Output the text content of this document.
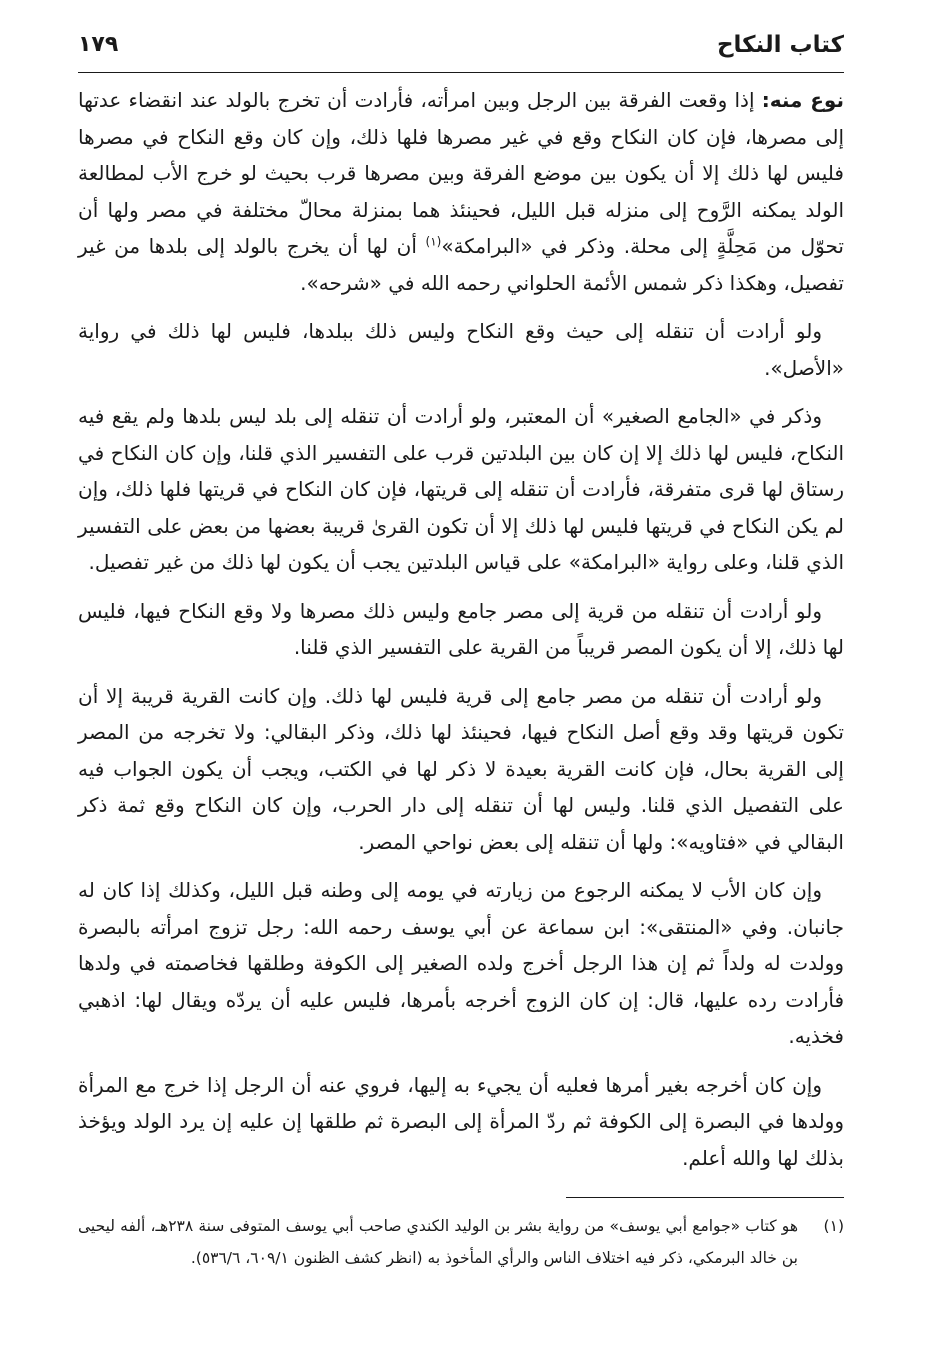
كتاب النكاح
١٧٩

نوع منه: إذا وقعت الفرقة بين الرجل وبين امرأته، فأرادت أن تخرج بالولد عند انقضاء عدتها إلى مصرها، فإن كان النكاح وقع في غير مصرها فلها ذلك، وإن كان وقع النكاح في مصرها فليس لها ذلك إلا أن يكون بين موضع الفرقة وبين مصرها قرب بحيث لو خرج الأب لمطالعة الولد يمكنه الرَّوح إلى منزله قبل الليل، فحينئذ هما بمنزلة محالّ مختلفة في مصر ولها أن تحوّل من مَحِلَّةٍ إلى محلة. وذكر في «البرامكة»$^{(١)}$ أن لها أن يخرج بالولد إلى بلدها من غير تفصيل، وهكذا ذكر شمس الأئمة الحلواني رحمه الله في «شرحه».

ولو أرادت أن تنقله إلى حيث وقع النكاح وليس ذلك ببلدها، فليس لها ذلك في رواية «الأصل».

وذكر في «الجامع الصغير» أن المعتبر، ولو أرادت أن تنقله إلى بلد ليس بلدها ولم يقع فيه النكاح، فليس لها ذلك إلا إن كان بين البلدتين قرب على التفسير الذي قلنا، وإن كان النكاح في رستاق لها قرى متفرقة، فأرادت أن تنقله إلى قريتها، فإن كان النكاح في قريتها فلها ذلك، وإن لم يكن النكاح في قريتها فليس لها ذلك إلا أن تكون القرىٰ قريبة بعضها من بعض على التفسير الذي قلنا، وعلى رواية «البرامكة» على قياس البلدتين يجب أن يكون لها ذلك من غير تفصيل.

ولو أرادت أن تنقله من قرية إلى مصر جامع وليس ذلك مصرها ولا وقع النكاح فيها، فليس لها ذلك، إلا أن يكون المصر قريباً من القرية على التفسير الذي قلنا.

ولو أرادت أن تنقله من مصر جامع إلى قرية فليس لها ذلك. وإن كانت القرية قريبة إلا أن تكون قريتها وقد وقع أصل النكاح فيها، فحينئذ لها ذلك، وذكر البقالي: ولا تخرجه من المصر إلى القرية بحال، فإن كانت القرية بعيدة لا ذكر لها في الكتب، ويجب أن يكون الجواب فيه على التفصيل الذي قلنا. وليس لها أن تنقله إلى دار الحرب، وإن كان النكاح وقع ثمة ذكر البقالي في «فتاويه»: ولها أن تنقله إلى بعض نواحي المصر.

وإن كان الأب لا يمكنه الرجوع من زيارته في يومه إلى وطنه قبل الليل، وكذلك إذا كان له جانبان. وفي «المنتقى»: ابن سماعة عن أبي يوسف رحمه الله: رجل تزوج امرأته بالبصرة وولدت له ولداً ثم إن هذا الرجل أخرج ولده الصغير إلى الكوفة وطلقها فخاصمته في ولدها فأرادت رده عليها، قال: إن كان الزوج أخرجه بأمرها، فليس عليه أن يردّه ويقال لها: اذهبي فخذيه.

وإن كان أخرجه بغير أمرها فعليه أن يجيء به إليها، فروي عنه أن الرجل إذا خرج مع المرأة وولدها في البصرة إلى الكوفة ثم ردّ المرأة إلى البصرة ثم طلقها إن عليه إن يرد الولد ويؤخذ بذلك لها والله أعلم.

(١)
هو كتاب «جوامع أبي يوسف» من رواية بشر بن الوليد الكندي صاحب أبي يوسف المتوفى سنة ٢٣٨هـ، ألفه ليحيى بن خالد البرمكي، ذكر فيه اختلاف الناس والرأي المأخوذ به (انظر كشف الظنون ٦٠٩/١، ٥٣٦/٦).
